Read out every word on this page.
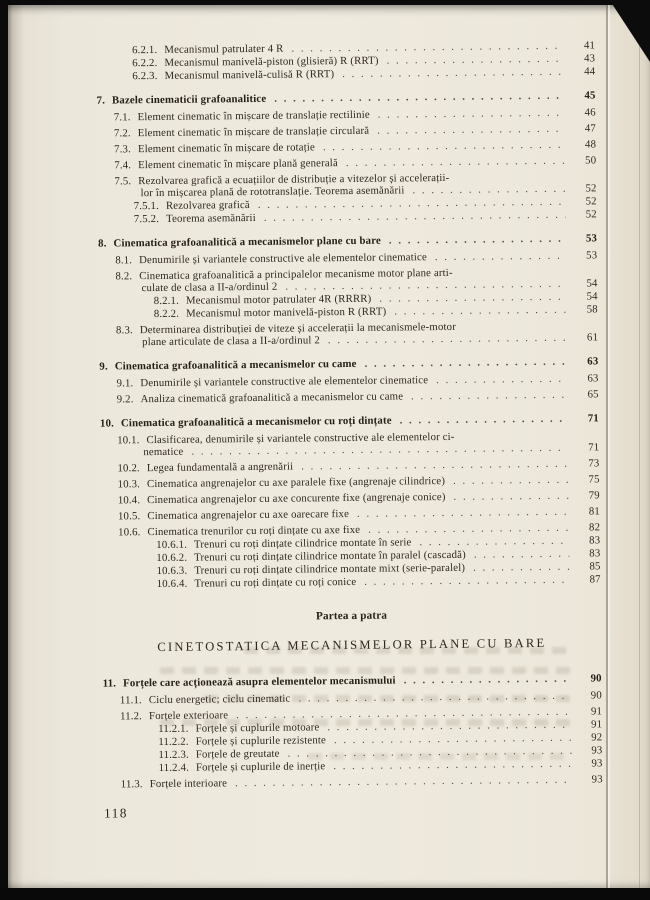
6.2.1. Mecanismul patrulater 4 R . .	41
6.2.2. Mecanismul manivelă-piston (glisieră) R (RRT) . .	43
6.2.3. Mecanismul manivelă-culisă R (RRT) . .	44
7. Bazele cinematicii grafoanalitice . .	45
7.1. Element cinematic în mișcare de translație rectilinie . .	46
7.2. Element cinematic în mișcare de translație circulară . .	47
7.3. Element cinematic în mișcare de rotație . .	48
7.4. Element cinematic în mișcare plană generală . .	50
7.5. Rezolvarea grafică a ecuațiilor de distribuție a vitezelor și accelerații-
lor în mișcarea plană de rototranslație. Teorema asemănării . .	52
7.5.1. Rezolvarea grafică . .	52
7.5.2. Teorema asemănării . .	52
8. Cinematica grafoanalitică a mecanismelor plane cu bare . .	53
8.1. Denumirile și variantele constructive ale elementelor cinematice . .	53
8.2. Cinematica grafoanalitică a principalelor mecanisme motor plane arti-
culate de clasa a II-a/ordinul 2 . .	54
8.2.1. Mecanismul motor patrulater 4R (RRRR) . .	54
8.2.2. Mecanismul motor manivelă-piston R (RRT) . .	58
8.3. Determinarea distribuției de viteze și accelerații la mecanismele-motor
plane articulate de clasa a II-a/ordinul 2 . .	61
9. Cinematica grafoanalitică a mecanismelor cu came . .	63
9.1. Denumirile și variantele constructive ale elementelor cinematice . .	63
9.2. Analiza cinematică grafoanalitică a mecanismelor cu came . .	65
10. Cinematica grafoanalitică a mecanismelor cu roți dințate . .	71
10.1. Clasificarea, denumirile și variantele constructive ale elementelor ci-
nematice . .	71
10.2. Legea fundamentală a angrenării . .	73
10.3. Cinematica angrenajelor cu axe paralele fixe (angrenaje cilindrice) . .	75
10.4. Cinematica angrenajelor cu axe concurente fixe (angrenaje conice) . .	79
10.5. Cinematica angrenajelor cu axe oarecare fixe . .	81
10.6. Cinematica trenurilor cu roți dințate cu axe fixe . .	82
10.6.1. Trenuri cu roți dințate cilindrice montate în serie . .	83
10.6.2. Trenuri cu roți dințate cilindrice montate în paralel (cascadă) . .	83
10.6.3. Trenuri cu roți dințate cilindrice montate mixt (serie-paralel) . .	85
10.6.4. Trenuri cu roți dințate cu roți conice . .	87
Partea a patra
CINETOSTATICA MECANISMELOR PLANE CU BARE
11. Forțele care acționează asupra elementelor mecanismului . .	90
11.1. Ciclu energetic; ciclu cinematic . .	90
11.2. Forțele exterioare . .	91
11.2.1. Forțele și cuplurile motoare . .	91
11.2.2. Forțele și cuplurile rezistente . .	92
11.2.3. Forțele de greutate . .	93
11.2.4. Forțele și cuplurile de inerție . .	93
11.3. Forțele interioare . .	93
118
